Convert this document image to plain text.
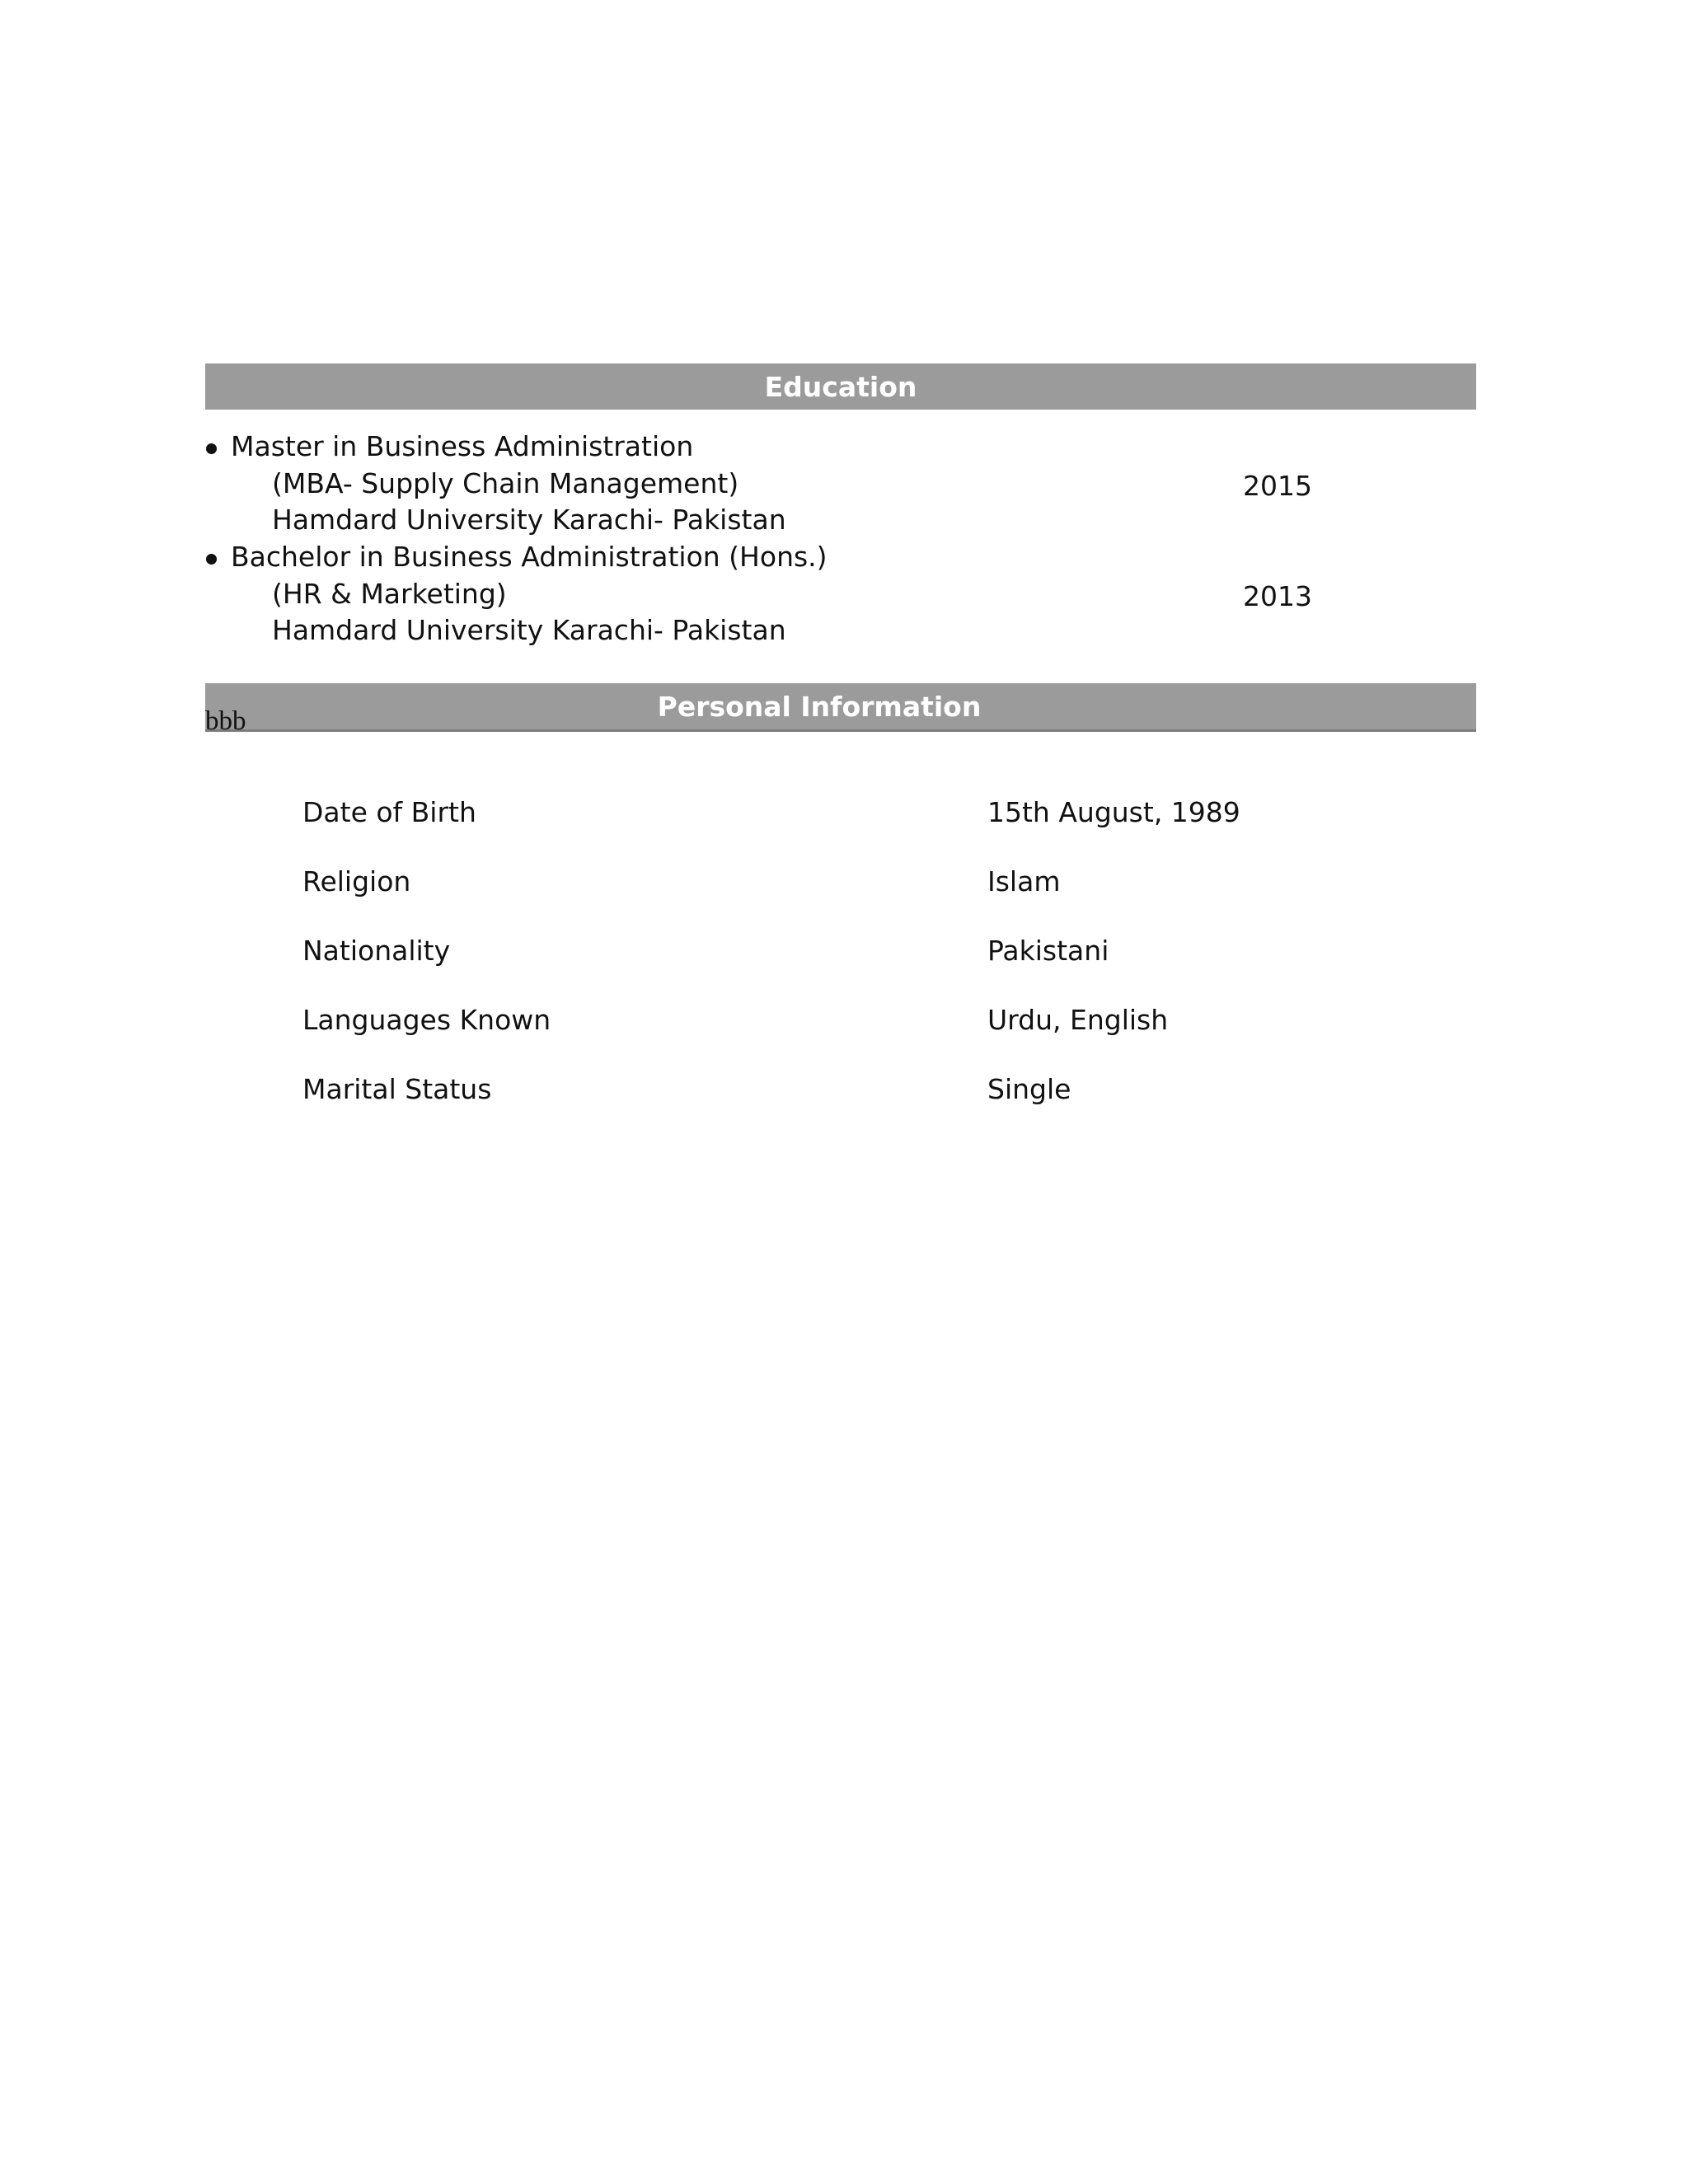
Education
Master in Business Administration
(MBA- Supply Chain Management)	2015
Hamdard University Karachi- Pakistan
Bachelor in Business Administration (Hons.)
(HR & Marketing)	2013
Hamdard University Karachi- Pakistan
Personal Information
bbb
Date of Birth	15th August, 1989
Religion	Islam
Nationality	Pakistani
Languages Known	Urdu, English
Marital Status	Single
